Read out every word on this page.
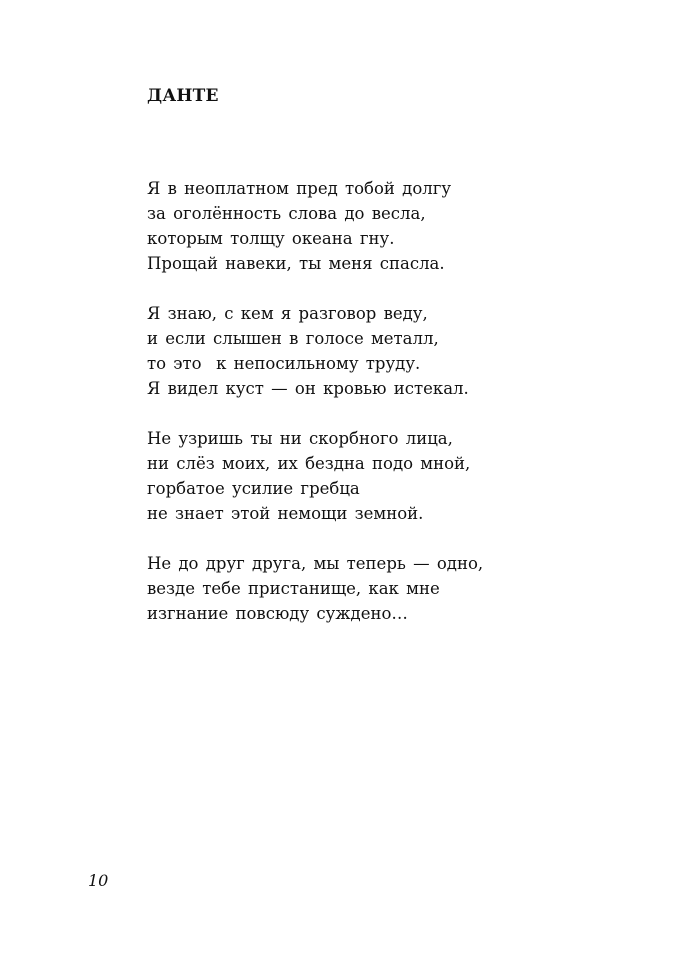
ДАНТЕ
Я в неоплатном пред тобой долгу
за оголённость слова до весла,
которым толщу океана гну.
Прощай навеки, ты меня спасла.
Я знаю, с кем я разговор веду,
и если слышен в голосе металл,
то это  к непосильному труду.
Я видел куст — он кровью истекал.
Не узришь ты ни скорбного лица,
ни слёз моих, их бездна подо мной,
горбатое усилие гребца
не знает этой немощи земной.
Не до друг друга, мы теперь — одно,
везде тебе пристанище, как мне
изгнание повсюду суждено…
10
